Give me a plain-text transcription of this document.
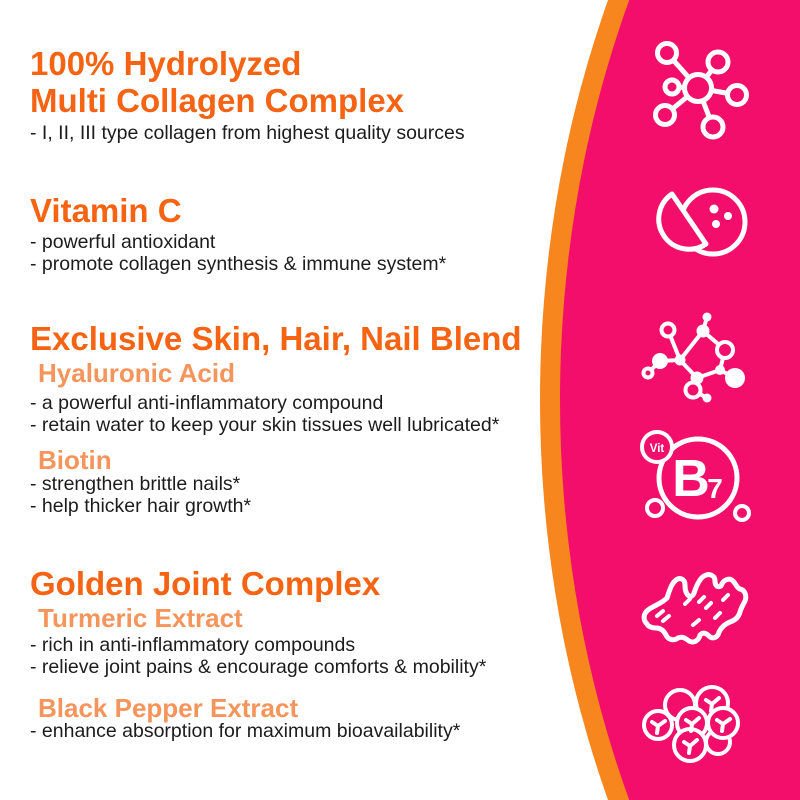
B
7
Vit
100% Hydrolyzed
Multi Collagen Complex

- I, II, III type collagen from highest quality sources

Vitamin C

- powerful antioxidant

- promote collagen synthesis & immune system*

Exclusive Skin, Hair, Nail Blend
Hyaluronic Acid

- a powerful anti-inflammatory compound

- retain water to keep your skin tissues well lubricated*

Biotin

- strengthen brittle nails*

- help thicker hair growth*

Golden Joint Complex
Turmeric Extract

- rich in anti-inflammatory compounds

- relieve joint pains & encourage comforts & mobility*

Black Pepper Extract

- enhance absorption for maximum bioavailability*
